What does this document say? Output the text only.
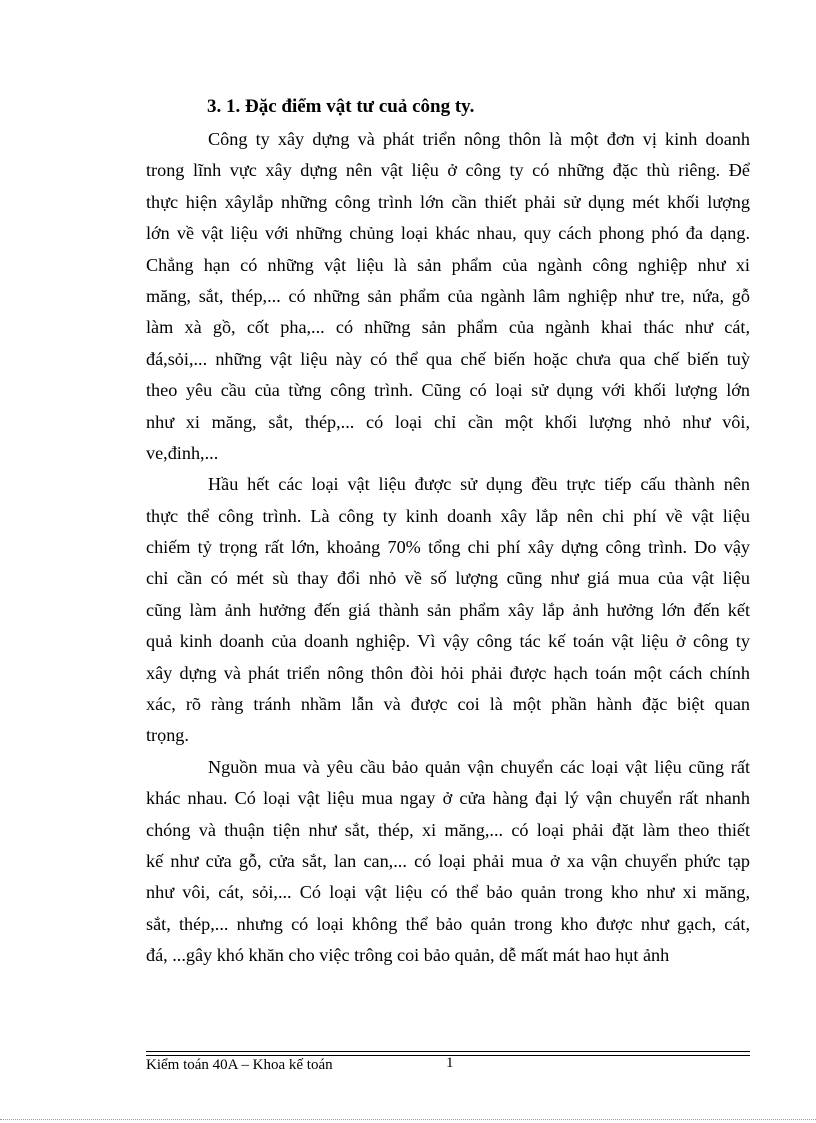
3. 1. Đặc điểm vật tư cuả công ty.

Công ty xây dựng và phát triển nông thôn là một đơn vị kinh doanh

trong lĩnh vực xây dựng nên vật liệu ở công ty có những đặc thù riêng. Để

thực hiện xâylắp những công trình lớn cần thiết phải sử dụng mét khối lượng

lớn về vật liệu với những chủng loại khác nhau, quy cách phong phó đa dạng.

Chẳng hạn có những vật liệu là sản phẩm của ngành công nghiệp như xi

măng, sắt, thép,... có những sản phẩm của ngành lâm nghiệp như tre, nứa, gỗ

làm xà gồ, cốt pha,... có những sản phẩm của ngành khai thác như cát,

đá,sỏi,... những vật liệu này có thể qua chế biến hoặc chưa qua chế biến tuỳ

theo yêu cầu của từng công trình. Cũng có loại sử dụng với khối lượng lớn

như xi măng, sắt, thép,... có loại chỉ cần một khối lượng nhỏ như vôi,

ve,đinh,...

Hầu hết các loại vật liệu được sử dụng đều trực tiếp cấu thành nên

thực thể công trình. Là công ty kinh doanh xây lắp nên chi phí về vật liệu

chiếm tỷ trọng rất lớn, khoảng 70% tổng chi phí xây dựng công trình. Do vậy

chỉ cần có mét sù thay đổi nhỏ về số lượng cũng như giá mua của vật liệu

cũng làm ảnh hưởng đến giá thành sản phẩm xây lắp ảnh hưởng lớn đến kết

quả kinh doanh của doanh nghiệp. Vì vậy công tác kế toán vật liệu ở công ty

xây dựng và phát triển nông thôn đòi hỏi phải được hạch toán một cách chính

xác, rõ ràng tránh nhầm lẫn và được coi là một phần hành đặc biệt quan

trọng.

Nguồn mua và yêu cầu bảo quản vận chuyển các loại vật liệu cũng rất

khác nhau. Có loại vật liệu mua ngay ở cửa hàng đại lý vận chuyển rất nhanh

chóng và thuận tiện như sắt, thép, xi măng,... có loại phải đặt làm theo thiết

kế như cửa gỗ, cửa sắt, lan can,... có loại phải mua ở xa vận chuyển phức tạp

như vôi, cát, sỏi,... Có loại vật liệu có thể bảo quản trong kho như xi măng,

sắt, thép,... nhưng có loại không thể bảo quản trong kho được như gạch, cát,

đá, ...gây khó khăn cho việc trông coi bảo quản, dễ mất mát hao hụt ảnh

Kiểm toán 40A – Khoa kế toán	1
